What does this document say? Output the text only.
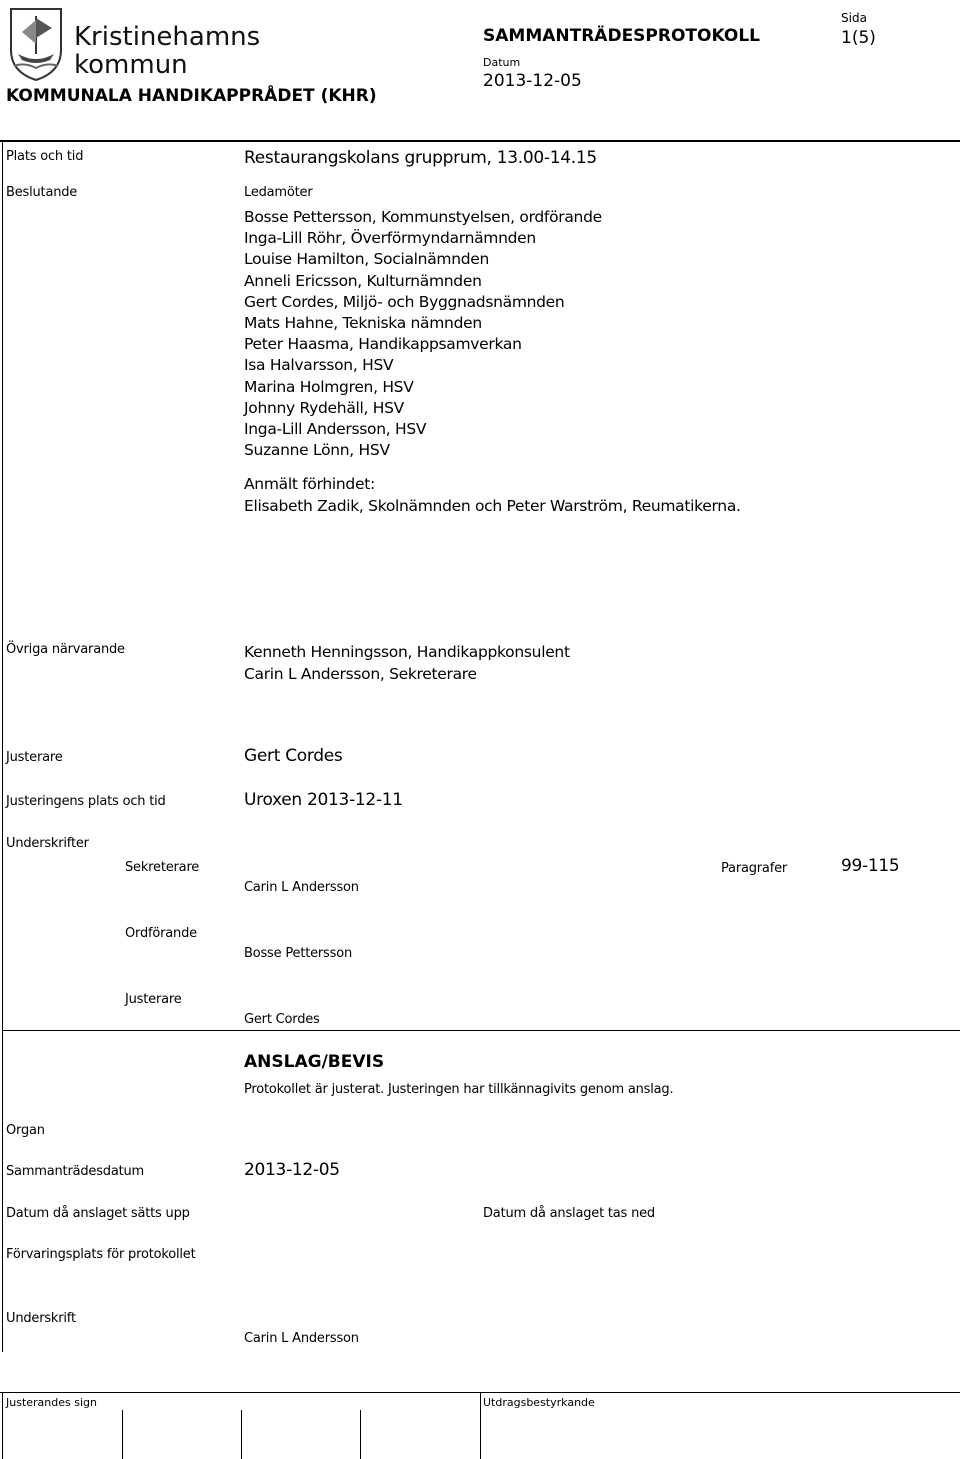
Kristinehamns
kommun
KOMMUNALA HANDIKAPPRÅDET (KHR)
SAMMANTRÄDESPROTOKOLL
Datum
2013-12-05
Sida
1(5)
Plats och tid	Restaurangskolans grupprum, 13.00-14.15
Beslutande	Ledamöter
Bosse Pettersson, Kommunstyelsen, ordförande
Inga-Lill Röhr, Överförmyndarnämnden
Louise Hamilton, Socialnämnden
Anneli Ericsson, Kulturnämnden
Gert Cordes, Miljö- och Byggnadsnämnden
Mats Hahne, Tekniska nämnden
Peter Haasma, Handikappsamverkan
Isa Halvarsson, HSV
Marina Holmgren, HSV
Johnny Rydehäll, HSV
Inga-Lill Andersson, HSV
Suzanne Lönn, HSV
Anmält förhindet:
Elisabeth Zadik, Skolnämnden och Peter Warström, Reumatikerna.
Övriga närvarande	Kenneth Henningsson, Handikappkonsulent
Carin L Andersson, Sekreterare
Justerare	Gert Cordes
Justeringens plats och tid	Uroxen 2013-12-11
Underskrifter
Sekreterare
Carin L Andersson
Paragrafer	99-115
Ordförande
Bosse Pettersson
Justerare
Gert Cordes
ANSLAG/BEVIS
Protokollet är justerat. Justeringen har tillkännagivits genom anslag.
Organ
Sammanträdesdatum	2013-12-05
Datum då anslaget sätts upp	Datum då anslaget tas ned
Förvaringsplats för protokollet
Underskrift
Carin L Andersson
Justerandes sign	Utdragsbestyrkande
